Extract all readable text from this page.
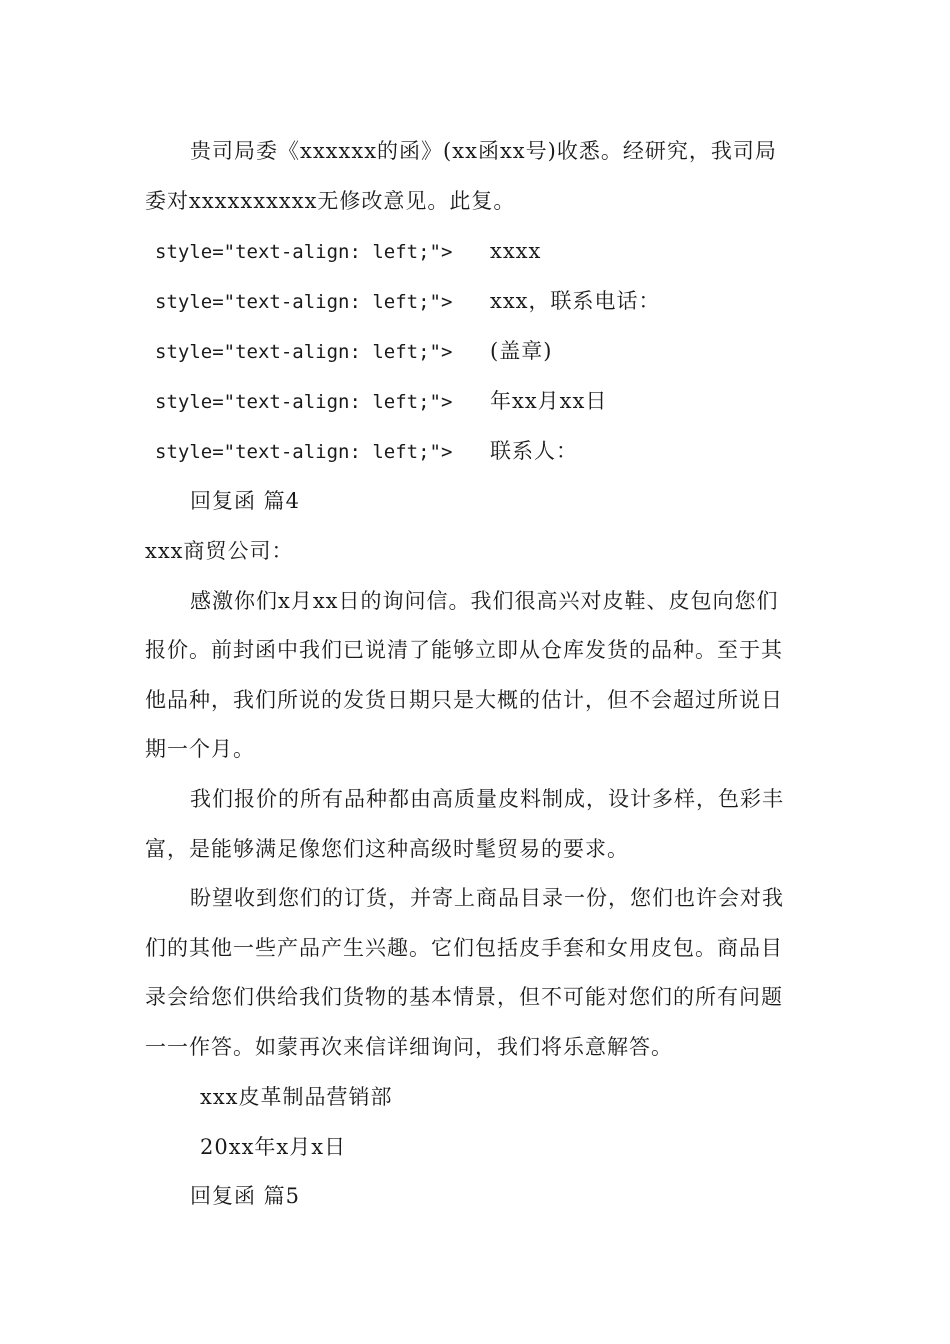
贵司局委《xxxxxx的函》(xx函xx号)收悉。经研究，我司局
委对xxxxxxxxxx无修改意见。此复。
style="text-align: left;"> xxxx
style="text-align: left;"> xxx，联系电话：
style="text-align: left;"> (盖章)
style="text-align: left;"> 年xx月xx日
style="text-align: left;"> 联系人：
回复函 篇4
xxx商贸公司：
感激你们x月xx日的询问信。我们很高兴对皮鞋、皮包向您们
报价。前封函中我们已说清了能够立即从仓库发货的品种。至于其
他品种，我们所说的发货日期只是大概的估计，但不会超过所说日
期一个月。
我们报价的所有品种都由高质量皮料制成，设计多样，色彩丰
富，是能够满足像您们这种高级时髦贸易的要求。
盼望收到您们的订货，并寄上商品目录一份，您们也许会对我
们的其他一些产品产生兴趣。它们包括皮手套和女用皮包。商品目
录会给您们供给我们货物的基本情景，但不可能对您们的所有问题
一一作答。如蒙再次来信详细询问，我们将乐意解答。
xxx皮革制品营销部
20xx年x月x日
回复函 篇5
